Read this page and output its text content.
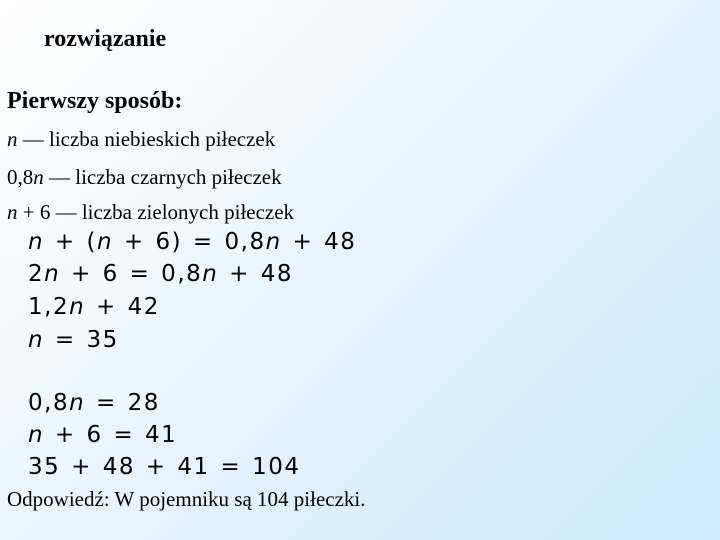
rozwiązanie
Pierwszy sposób:
n — liczba niebieskich piłeczek
0,8n — liczba czarnych piłeczek
n + 6 — liczba zielonych piłeczek
n + (n + 6) = 0,8n + 48
2n + 6 = 0,8n + 48
1,2n + 42
n = 35
0,8n = 28
n + 6 = 41
35 + 48 + 41 = 104
Odpowiedź: W pojemniku są 104 piłeczki.
